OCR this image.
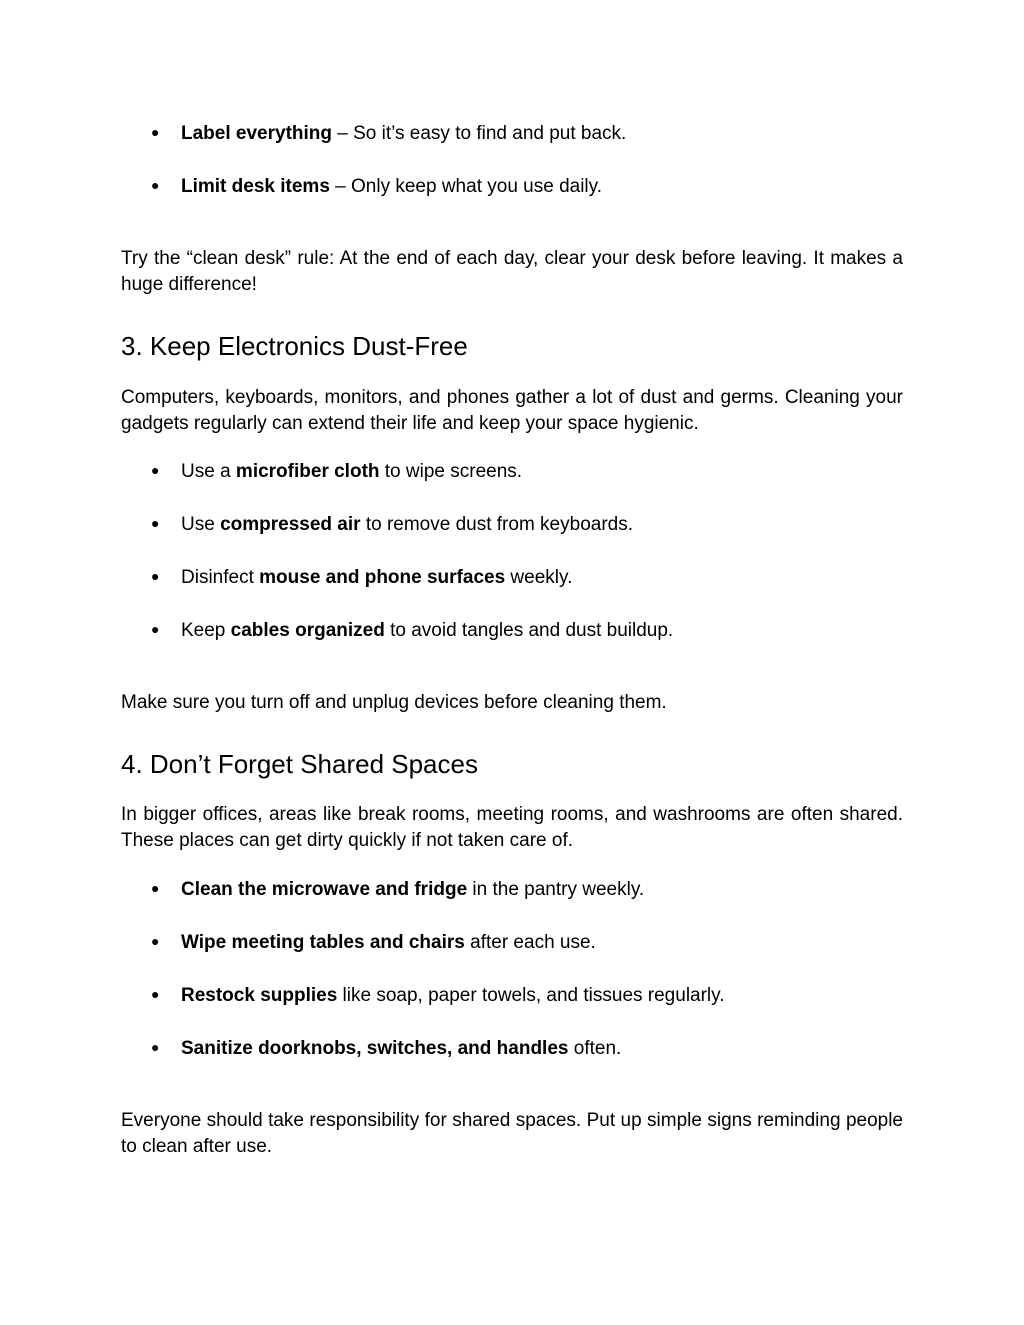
● Label everything – So it’s easy to find and put back.
● Limit desk items – Only keep what you use daily.

Try the “clean desk” rule: At the end of each day, clear your desk before leaving. It makes a huge difference!

3. Keep Electronics Dust-Free

Computers, keyboards, monitors, and phones gather a lot of dust and germs. Cleaning your gadgets regularly can extend their life and keep your space hygienic.

● Use a microfiber cloth to wipe screens.
● Use compressed air to remove dust from keyboards.
● Disinfect mouse and phone surfaces weekly.
● Keep cables organized to avoid tangles and dust buildup.

Make sure you turn off and unplug devices before cleaning them.

4. Don’t Forget Shared Spaces

In bigger offices, areas like break rooms, meeting rooms, and washrooms are often shared. These places can get dirty quickly if not taken care of.

● Clean the microwave and fridge in the pantry weekly.
● Wipe meeting tables and chairs after each use.
● Restock supplies like soap, paper towels, and tissues regularly.
● Sanitize doorknobs, switches, and handles often.

Everyone should take responsibility for shared spaces. Put up simple signs reminding people to clean after use.
